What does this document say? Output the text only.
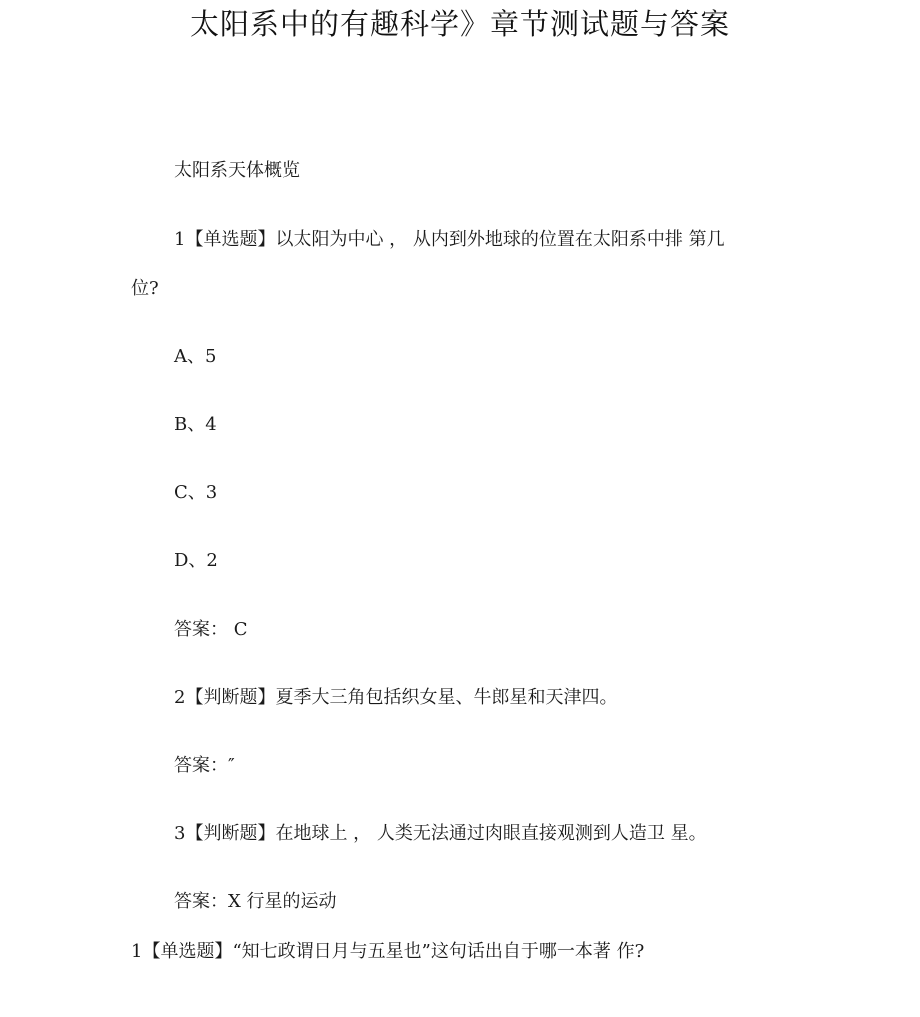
太阳系中的有趣科学》章节测试题与答案
太阳系天体概览
1【单选题】以太阳为中心 ， 从内到外地球的位置在太阳系中排 第几
位?
A、5
B、4
C、3
D、2
答案： C
2【判断题】夏季大三角包括织女星、牛郎星和天津四。
答案：″
3【判断题】在地球上 ， 人类无法通过肉眼直接观测到人造卫 星。
答案：X 行星的运动
1【单选题】“知七政谓日月与五星也”这句话出自于哪一本著 作?
